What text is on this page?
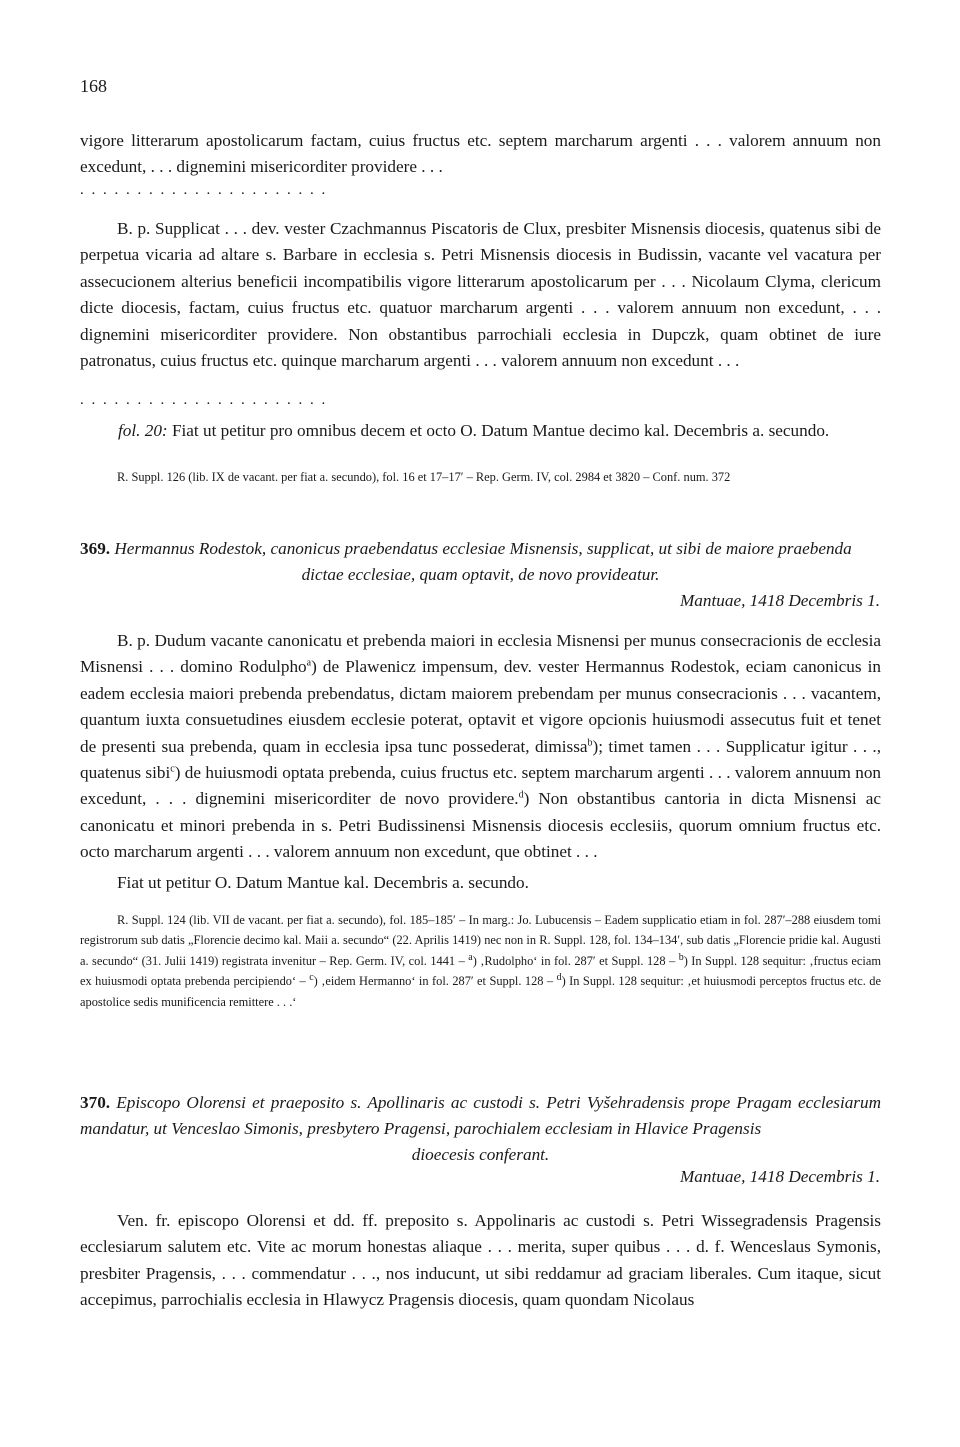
168

vigore litterarum apostolicarum factam, cuius fructus etc. septem marcharum argenti . . . valorem annuum non excedunt, . . . dignemini misericorditer providere . . .

. . . . . . . . . . . . . . . . . . . . . .

B. p. Supplicat . . . dev. vester Czachmannus Piscatoris de Clux, presbiter Misnensis diocesis, quatenus sibi de perpetua vicaria ad altare s. Barbare in ecclesia s. Petri Misnensis diocesis in Budissin, vacante vel vacatura per assecucionem alterius beneficii incompatibilis vigore litterarum apostolicarum per . . . Nicolaum Clyma, clericum dicte diocesis, factam, cuius fructus etc. quatuor marcharum argenti . . . valorem annuum non excedunt, . . . dignemini misericorditer providere. Non obstantibus parrochiali ecclesia in Dupczk, quam obtinet de iure patronatus, cuius fructus etc. quinque marcharum argenti . . . valorem annuum non excedunt . . .

. . . . . . . . . . . . . . . . . . . . . .
fol. 20: Fiat ut petitur pro omnibus decem et octo O. Datum Mantue decimo kal. Decembris a. secundo.

R. Suppl. 126 (lib. IX de vacant. per fiat a. secundo), fol. 16 et 17–17′ – Rep. Germ. IV, col. 2984 et 3820 – Conf. num. 372

369. Hermannus Rodestok, canonicus praebendatus ecclesiae Misnensis, supplicat, ut sibi de maiore praebenda
dictae ecclesiae, quam optavit, de novo provideatur.
Mantuae, 1418 Decembris 1.

B. p. Dudum vacante canonicatu et prebenda maiori in ecclesia Misnensi per munus consecracionis de ecclesia Misnensi . . . domino Rodulpho$^a$) de Plawenicz impensum, dev. vester Hermannus Rodestok, eciam canonicus in eadem ecclesia maiori prebenda prebendatus, dictam maiorem prebendam per munus consecracionis . . . vacantem, quantum iuxta consuetudines eiusdem ecclesie poterat, optavit et vigore opcionis huiusmodi assecutus fuit et tenet de presenti sua prebenda, quam in ecclesia ipsa tunc possederat, dimissa$^b$); timet tamen . . . Supplicatur igitur . . ., quatenus sibi$^c$) de huiusmodi optata prebenda, cuius fructus etc. septem marcharum argenti . . . valorem annuum non excedunt, . . . dignemini misericorditer de novo providere.$^d$) Non obstantibus cantoria in dicta Misnensi ac canonicatu et minori prebenda in s. Petri Budissinensi Misnensis diocesis ecclesiis, quorum omnium fructus etc. octo marcharum argenti . . . valorem annuum non excedunt, que obtinet . . .

Fiat ut petitur O. Datum Mantue kal. Decembris a. secundo.

R. Suppl. 124 (lib. VII de vacant. per fiat a. secundo), fol. 185–185′ – In marg.: Jo. Lubucensis – Eadem supplicatio etiam in fol. 287′–288 eiusdem tomi registrorum sub datis „Florencie decimo kal. Maii a. secundo“ (22. Aprilis 1419) nec non in R. Suppl. 128, fol. 134–134′, sub datis „Florencie pridie kal. Augusti a. secundo“ (31. Julii 1419) registrata invenitur – Rep. Germ. IV, col. 1441 – $^a$) ‚Rudolpho‘ in fol. 287′ et Suppl. 128 – $^b$) In Suppl. 128 sequitur: ‚fructus eciam ex huiusmodi optata prebenda percipiendo‘ – $^c$) ‚eidem Hermanno‘ in fol. 287′ et Suppl. 128 – $^d$) In Suppl. 128 sequitur: ‚et huiusmodi perceptos fructus etc. de apostolice sedis munificencia remittere . . .‘

370. Episcopo Olorensi et praeposito s. Apollinaris ac custodi s. Petri Vyšehradensis prope Pragam ecclesiarum mandatur, ut Venceslao Simonis, presbytero Pragensi, parochialem ecclesiam in Hlavice Pragensis
dioecesis conferant.
Mantuae, 1418 Decembris 1.

Ven. fr. episcopo Olorensi et dd. ff. preposito s. Appolinaris ac custodi s. Petri Wissegradensis Pragensis ecclesiarum salutem etc. Vite ac morum honestas aliaque . . . merita, super quibus . . . d. f. Wenceslaus Symonis, presbiter Pragensis, . . . commendatur . . ., nos inducunt, ut sibi reddamur ad graciam liberales. Cum itaque, sicut accepimus, parrochialis ecclesia in Hlawycz Pragensis diocesis, quam quondam Nicolaus
